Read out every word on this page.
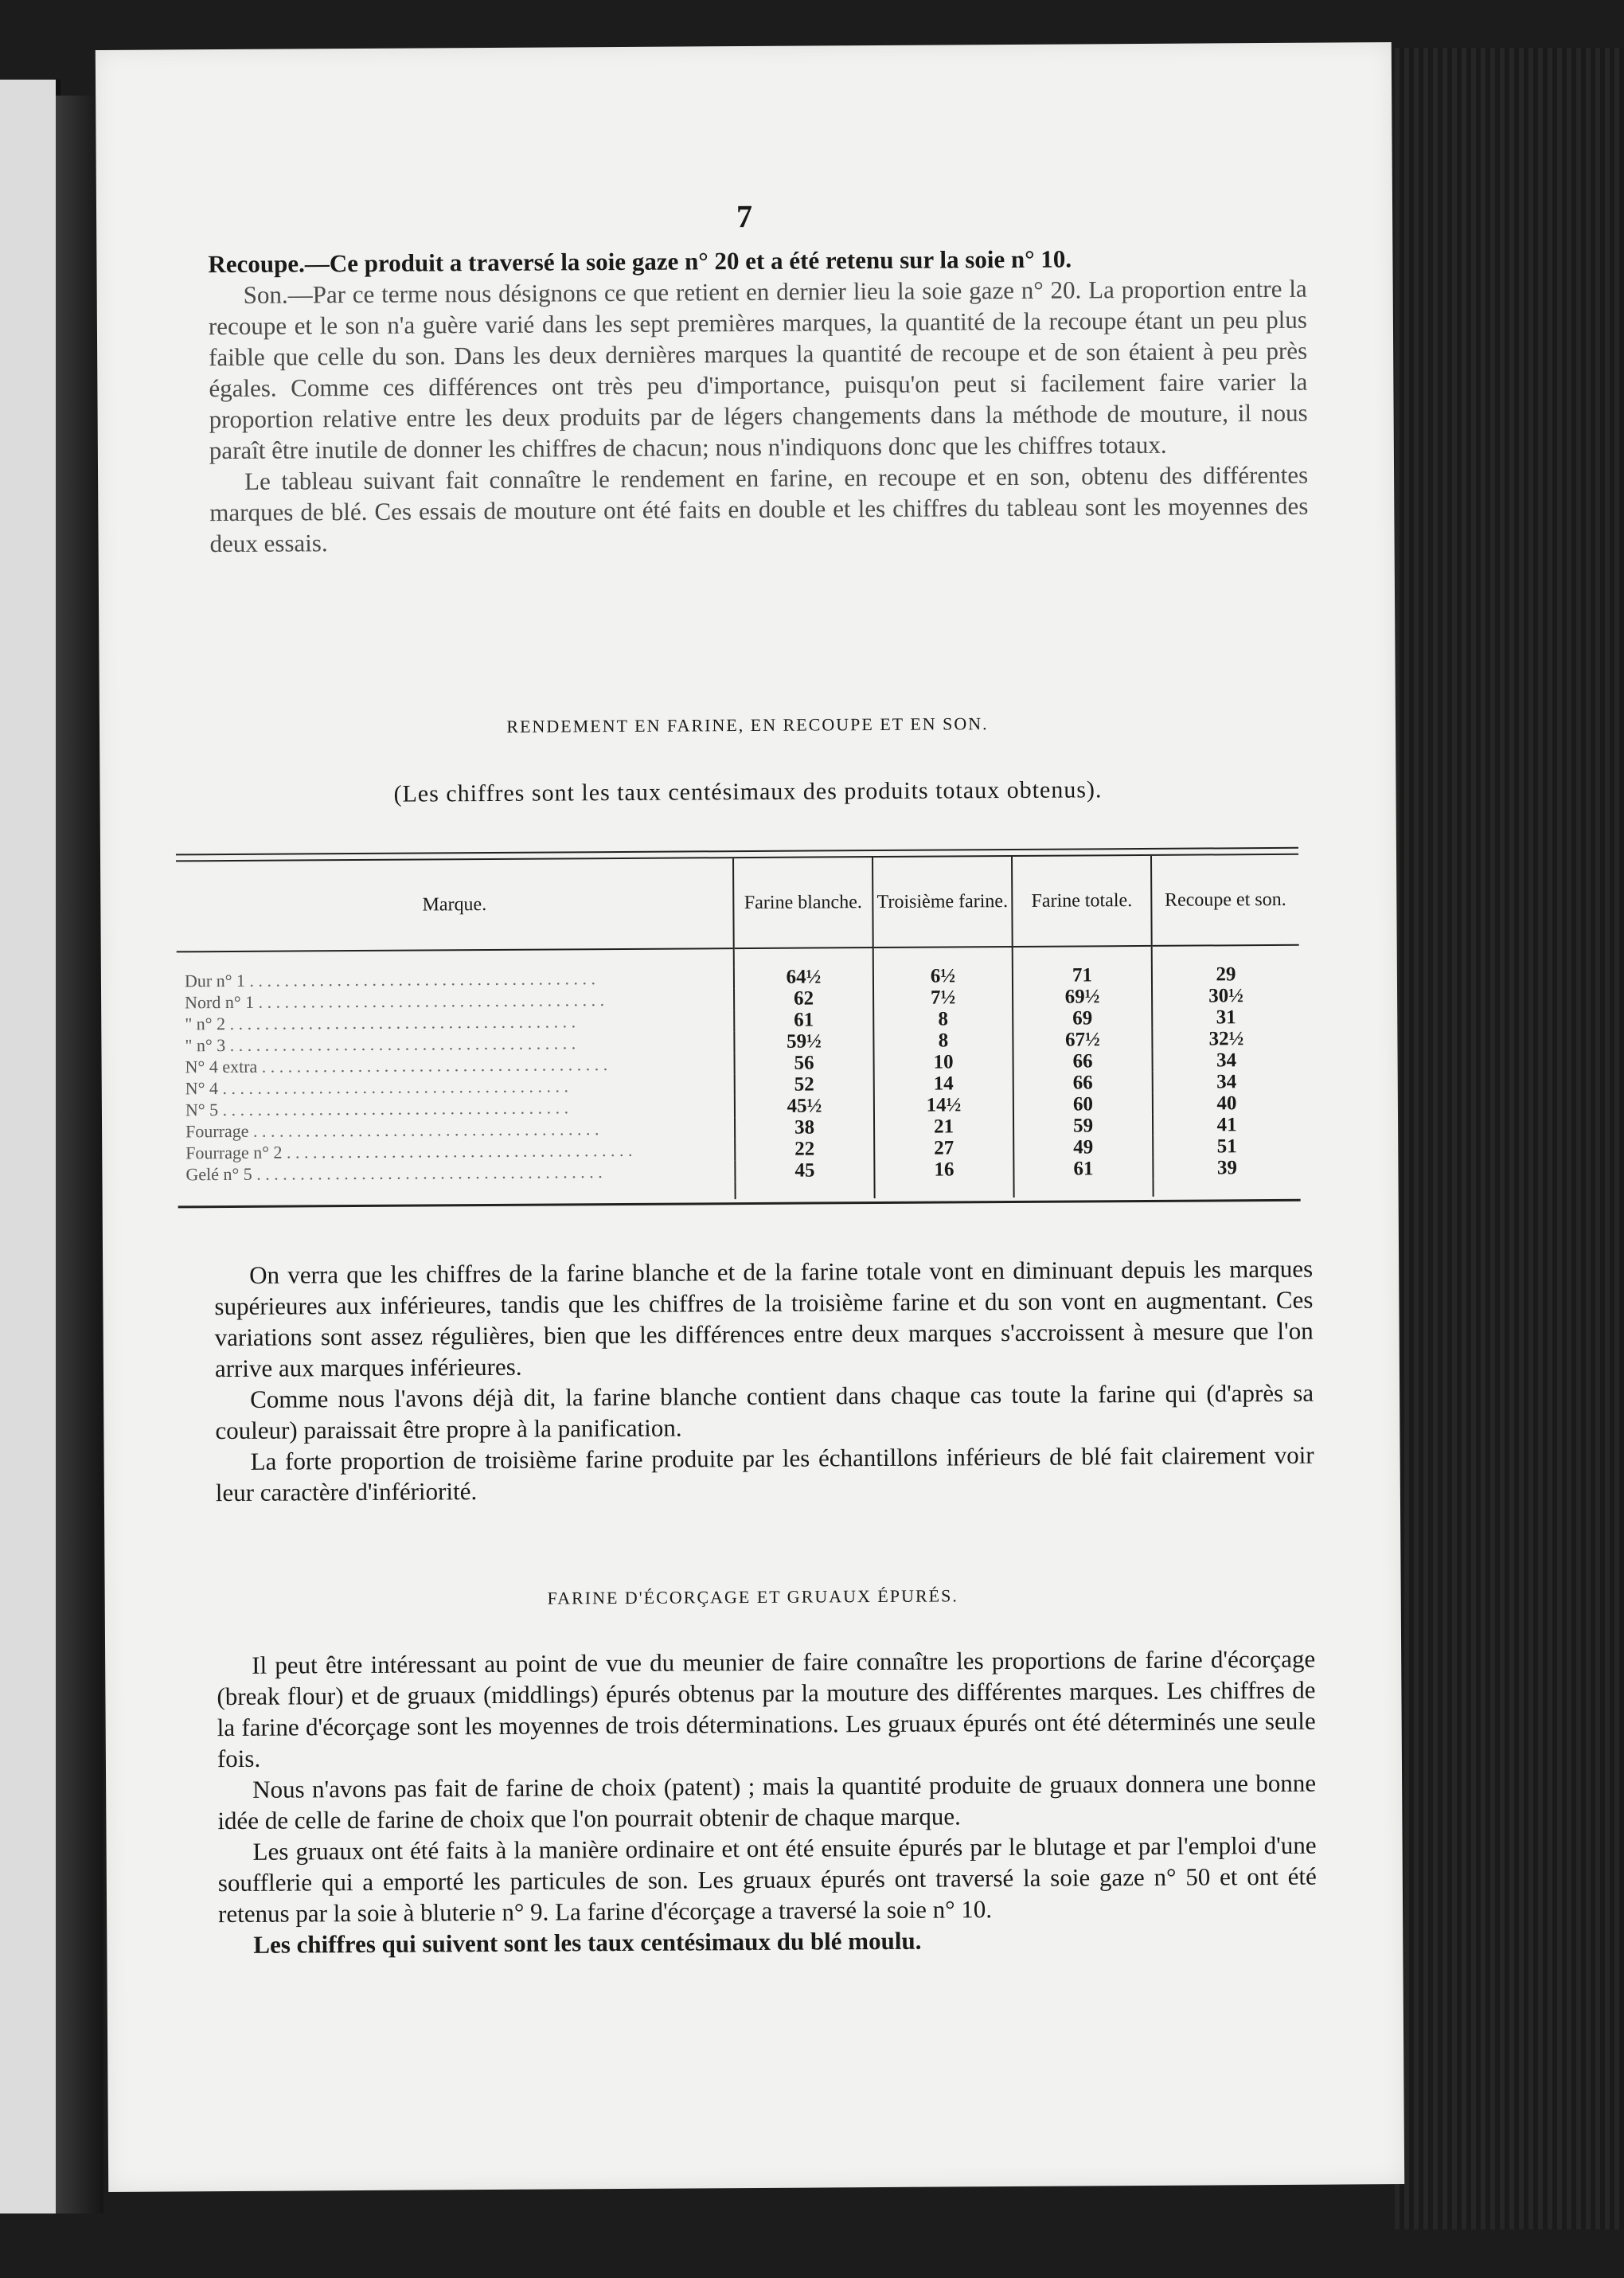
7

Recoupe.—Ce produit a traversé la soie gaze n° 20 et a été retenu sur la soie n° 10.

Son.—Par ce terme nous désignons ce que retient en dernier lieu la soie gaze n° 20. La proportion entre la recoupe et le son n'a guère varié dans les sept premières marques, la quantité de la recoupe étant un peu plus faible que celle du son. Dans les deux dernières marques la quantité de recoupe et de son étaient à peu près égales. Comme ces différences ont très peu d'importance, puisqu'on peut si facilement faire varier la proportion relative entre les deux produits par de légers changements dans la méthode de mouture, il nous paraît être inutile de donner les chiffres de chacun; nous n'indiquons donc que les chiffres totaux.

Le tableau suivant fait connaître le rendement en farine, en recoupe et en son, obtenu des différentes marques de blé. Ces essais de mouture ont été faits en double et les chiffres du tableau sont les moyennes des deux essais.

RENDEMENT EN FARINE, EN RECOUPE ET EN SON.
(Les chiffres sont les taux centésimaux des produits totaux obtenus).
Marque.	Farine blanche.	Troisième farine.	Farine totale.	Recoupe et son.

Dur n° 1 . . .	64½	6½	71	29
Nord n° 1 . . .	62	7½	69½	30½
" n° 2 . . .	61	8	69	31
" n° 3 . . .	59½	8	67½	32½
N° 4 extra . . .	56	10	66	34
N° 4 . . .	52	14	66	34
N° 5 . . .	45½	14½	60	40
Fourrage . . .	38	21	59	41
Fourrage n° 2 . . .	22	27	49	51
Gelé n° 5 . . .	45	16	61	39

On verra que les chiffres de la farine blanche et de la farine totale vont en diminuant depuis les marques supérieures aux inférieures, tandis que les chiffres de la troisième farine et du son vont en augmentant. Ces variations sont assez régulières, bien que les différences entre deux marques s'accroissent à mesure que l'on arrive aux marques inférieures.

Comme nous l'avons déjà dit, la farine blanche contient dans chaque cas toute la farine qui (d'après sa couleur) paraissait être propre à la panification.

La forte proportion de troisième farine produite par les échantillons inférieurs de blé fait clairement voir leur caractère d'infériorité.

FARINE D'ÉCORÇAGE ET GRUAUX ÉPURÉS.

Il peut être intéressant au point de vue du meunier de faire connaître les proportions de farine d'écorçage (break flour) et de gruaux (middlings) épurés obtenus par la mouture des différentes marques. Les chiffres de la farine d'écorçage sont les moyennes de trois déterminations. Les gruaux épurés ont été déterminés une seule fois.

Nous n'avons pas fait de farine de choix (patent) ; mais la quantité produite de gruaux donnera une bonne idée de celle de farine de choix que l'on pourrait obtenir de chaque marque.

Les gruaux ont été faits à la manière ordinaire et ont été ensuite épurés par le blutage et par l'emploi d'une soufflerie qui a emporté les particules de son. Les gruaux épurés ont traversé la soie gaze n° 50 et ont été retenus par la soie à bluterie n° 9. La farine d'écorçage a traversé la soie n° 10.

Les chiffres qui suivent sont les taux centésimaux du blé moulu.
